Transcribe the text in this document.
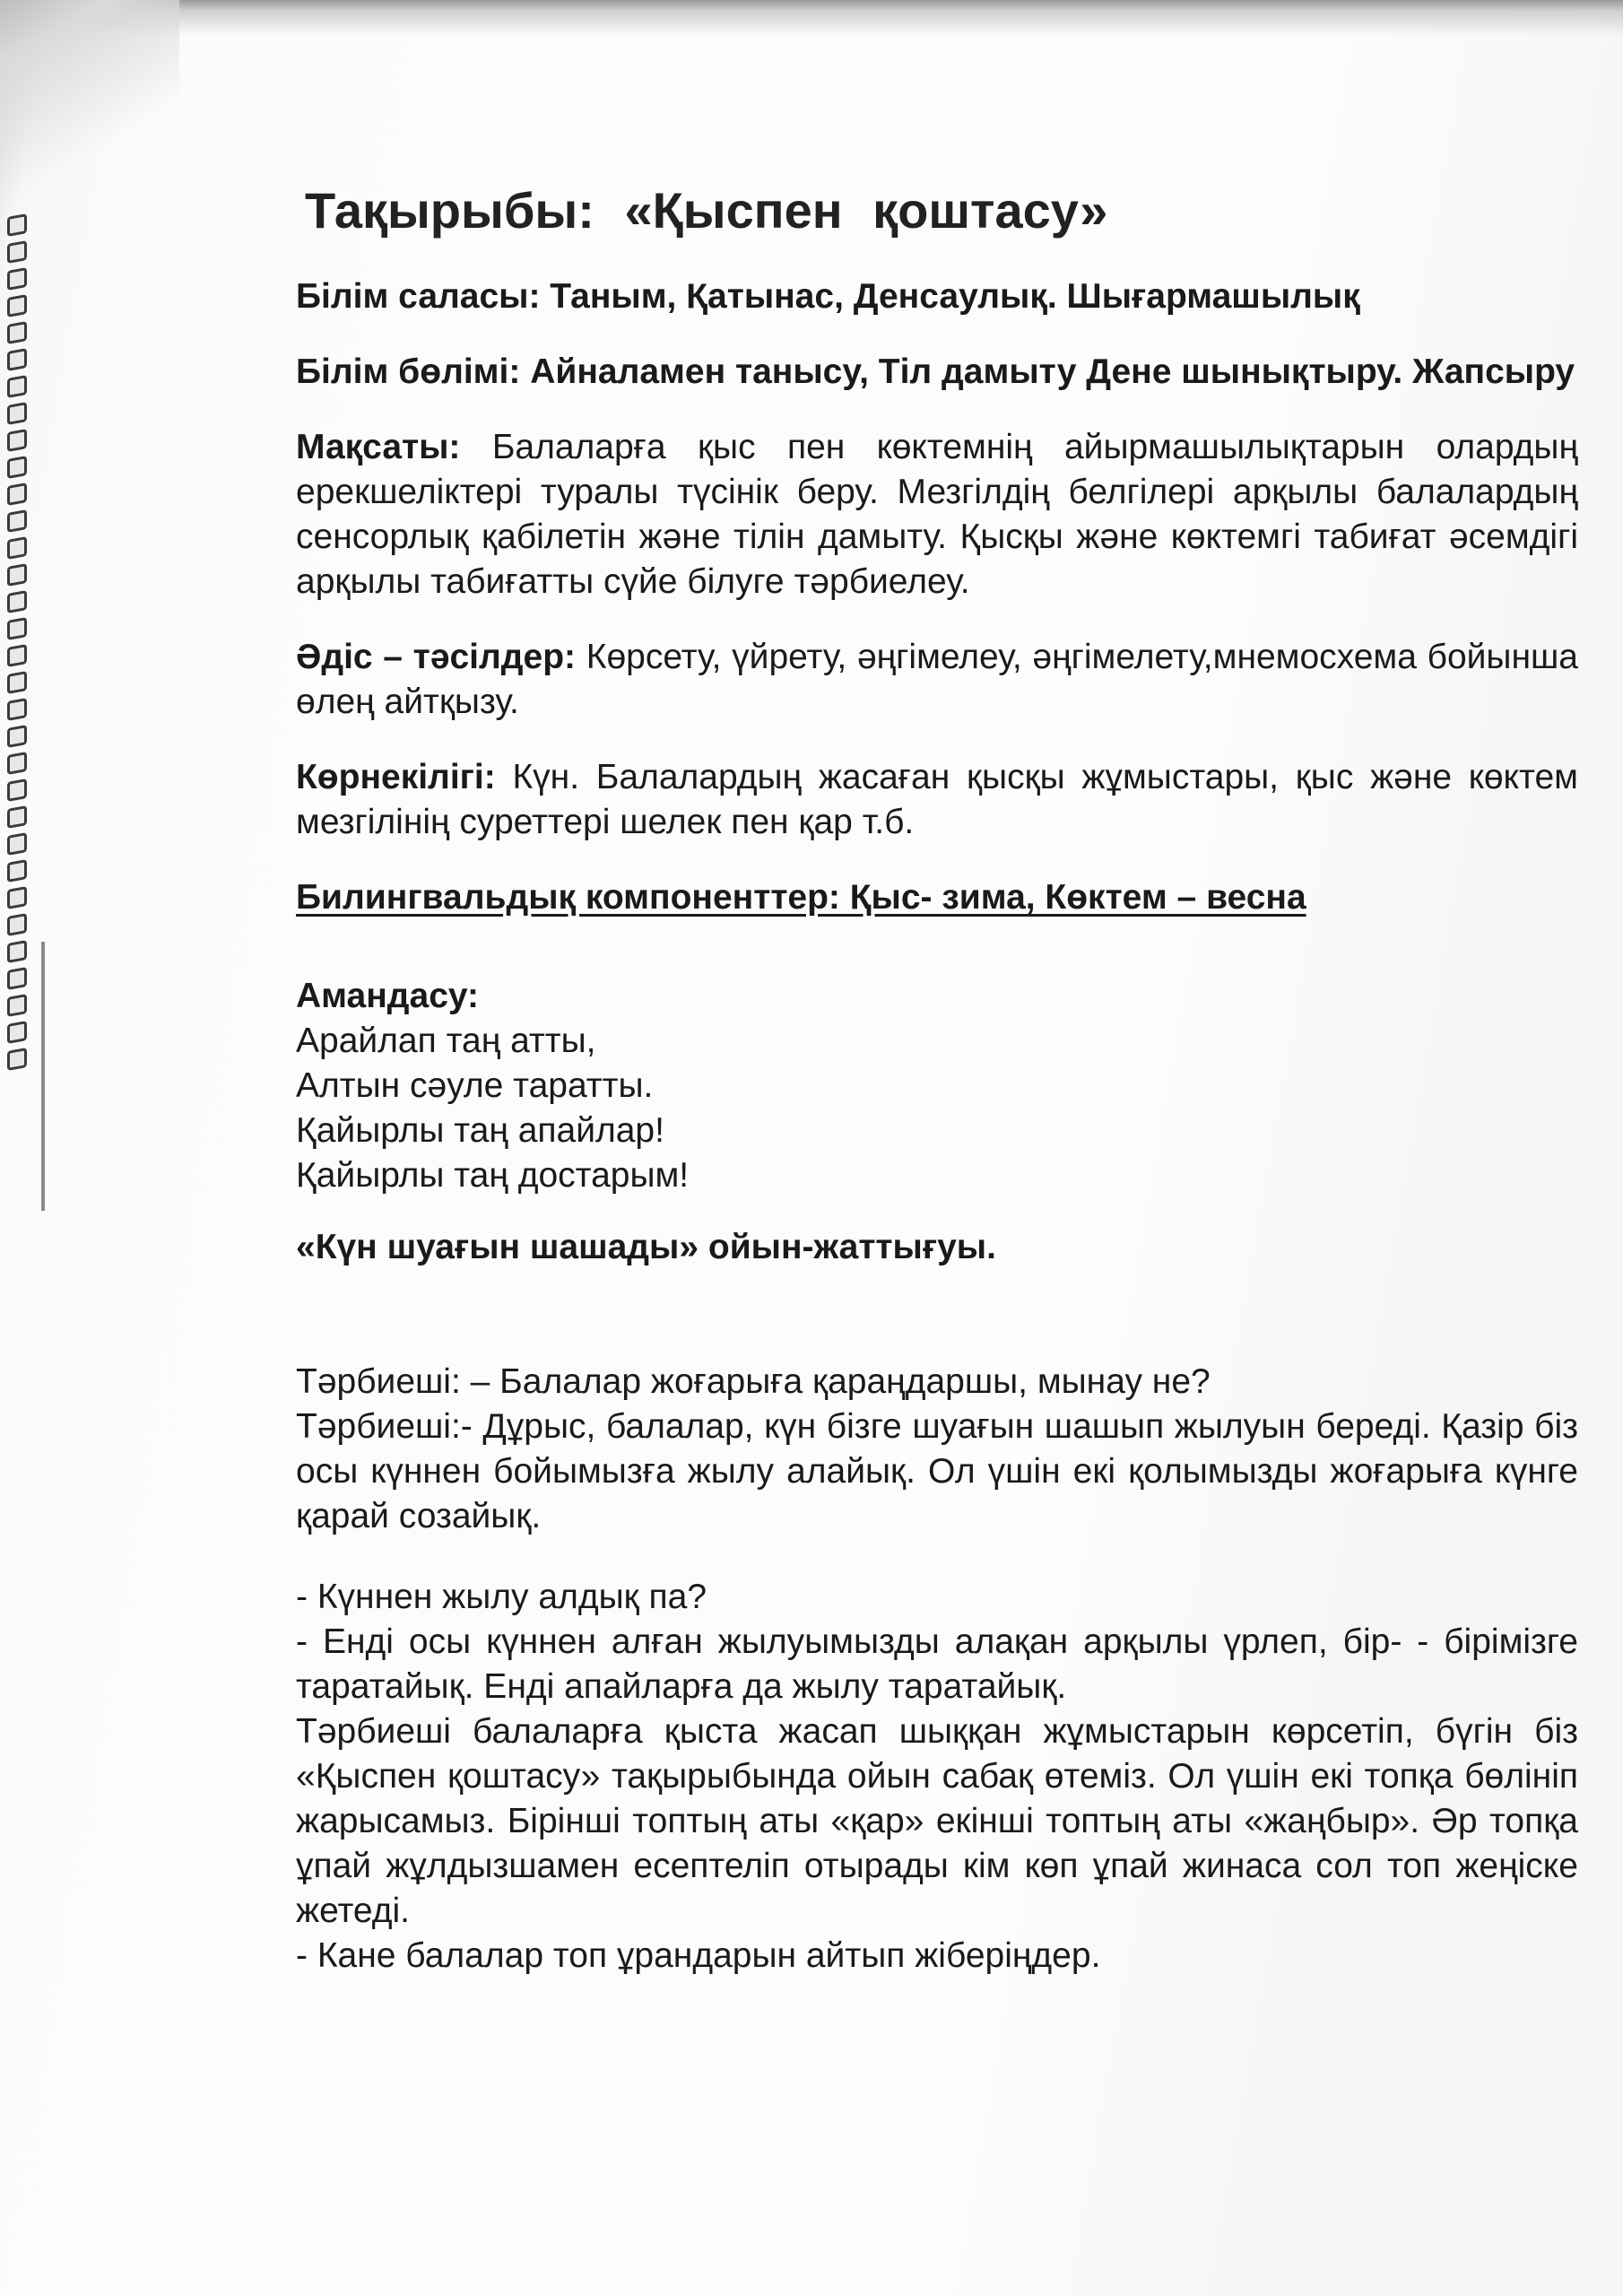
Тақырыбы: «Қыспен қоштасу»
Білім саласы: Таным, Қатынас, Денсаулық. Шығармашылық
Білім бөлімі: Айналамен танысу, Тіл дамыту Дене шынықтыру. Жапсыру
Мақсаты: Балаларға қыс пен көктемнің айырмашылықтарын олардың ерекшеліктері туралы түсінік беру. Мезгілдің белгілері арқылы балалардың сенсорлық қабілетін және тілін дамыту. Қысқы және көктемгі табиғат әсемдігі арқылы табиғатты сүйе білуге тәрбиелеу.
Әдіс – тәсілдер: Көрсету, үйрету, әңгімелеу, әңгімелету,мнемосхема бойынша өлең айтқызу.
Көрнекілігі: Күн. Балалардың жасаған қысқы жұмыстары, қыс және көктем мезгілінің суреттері шелек пен қар т.б.
Билингвальдық компоненттер: Қыс- зима, Көктем – весна
Амандасу:
Арайлап таң атты,
Алтын сәуле таратты.
Қайырлы таң апайлар!
Қайырлы таң достарым!
«Күн шуағын шашады» ойын-жаттығуы.
Тәрбиеші: – Балалар жоғарыға қараңдаршы, мынау не?
Тәрбиеші:- Дұрыс, балалар, күн бізге шуағын шашып жылуын береді. Қазір біз осы күннен бойымызға жылу алайық. Ол үшін екі қолымызды жоғарыға күнге қарай созайық.
- Күннен жылу алдық па?
- Енді осы күннен алған жылуымызды алақан арқылы үрлеп, бір- - бірімізге таратайық. Енді апайларға да жылу таратайық.
Тәрбиеші балаларға қыста жасап шыққан жұмыстарын көрсетіп, бүгін біз «Қыспен қоштасу» тақырыбында ойын сабақ өтеміз. Ол үшін екі топқа бөлініп жарысамыз. Бірінші топтың аты «қар» екінші топтың аты «жаңбыр». Әр топқа ұпай жұлдызшамен есептеліп отырады кім көп ұпай жинаса сол топ жеңіске жетеді.
- Кане балалар топ ұрандарын айтып жіберіңдер.
